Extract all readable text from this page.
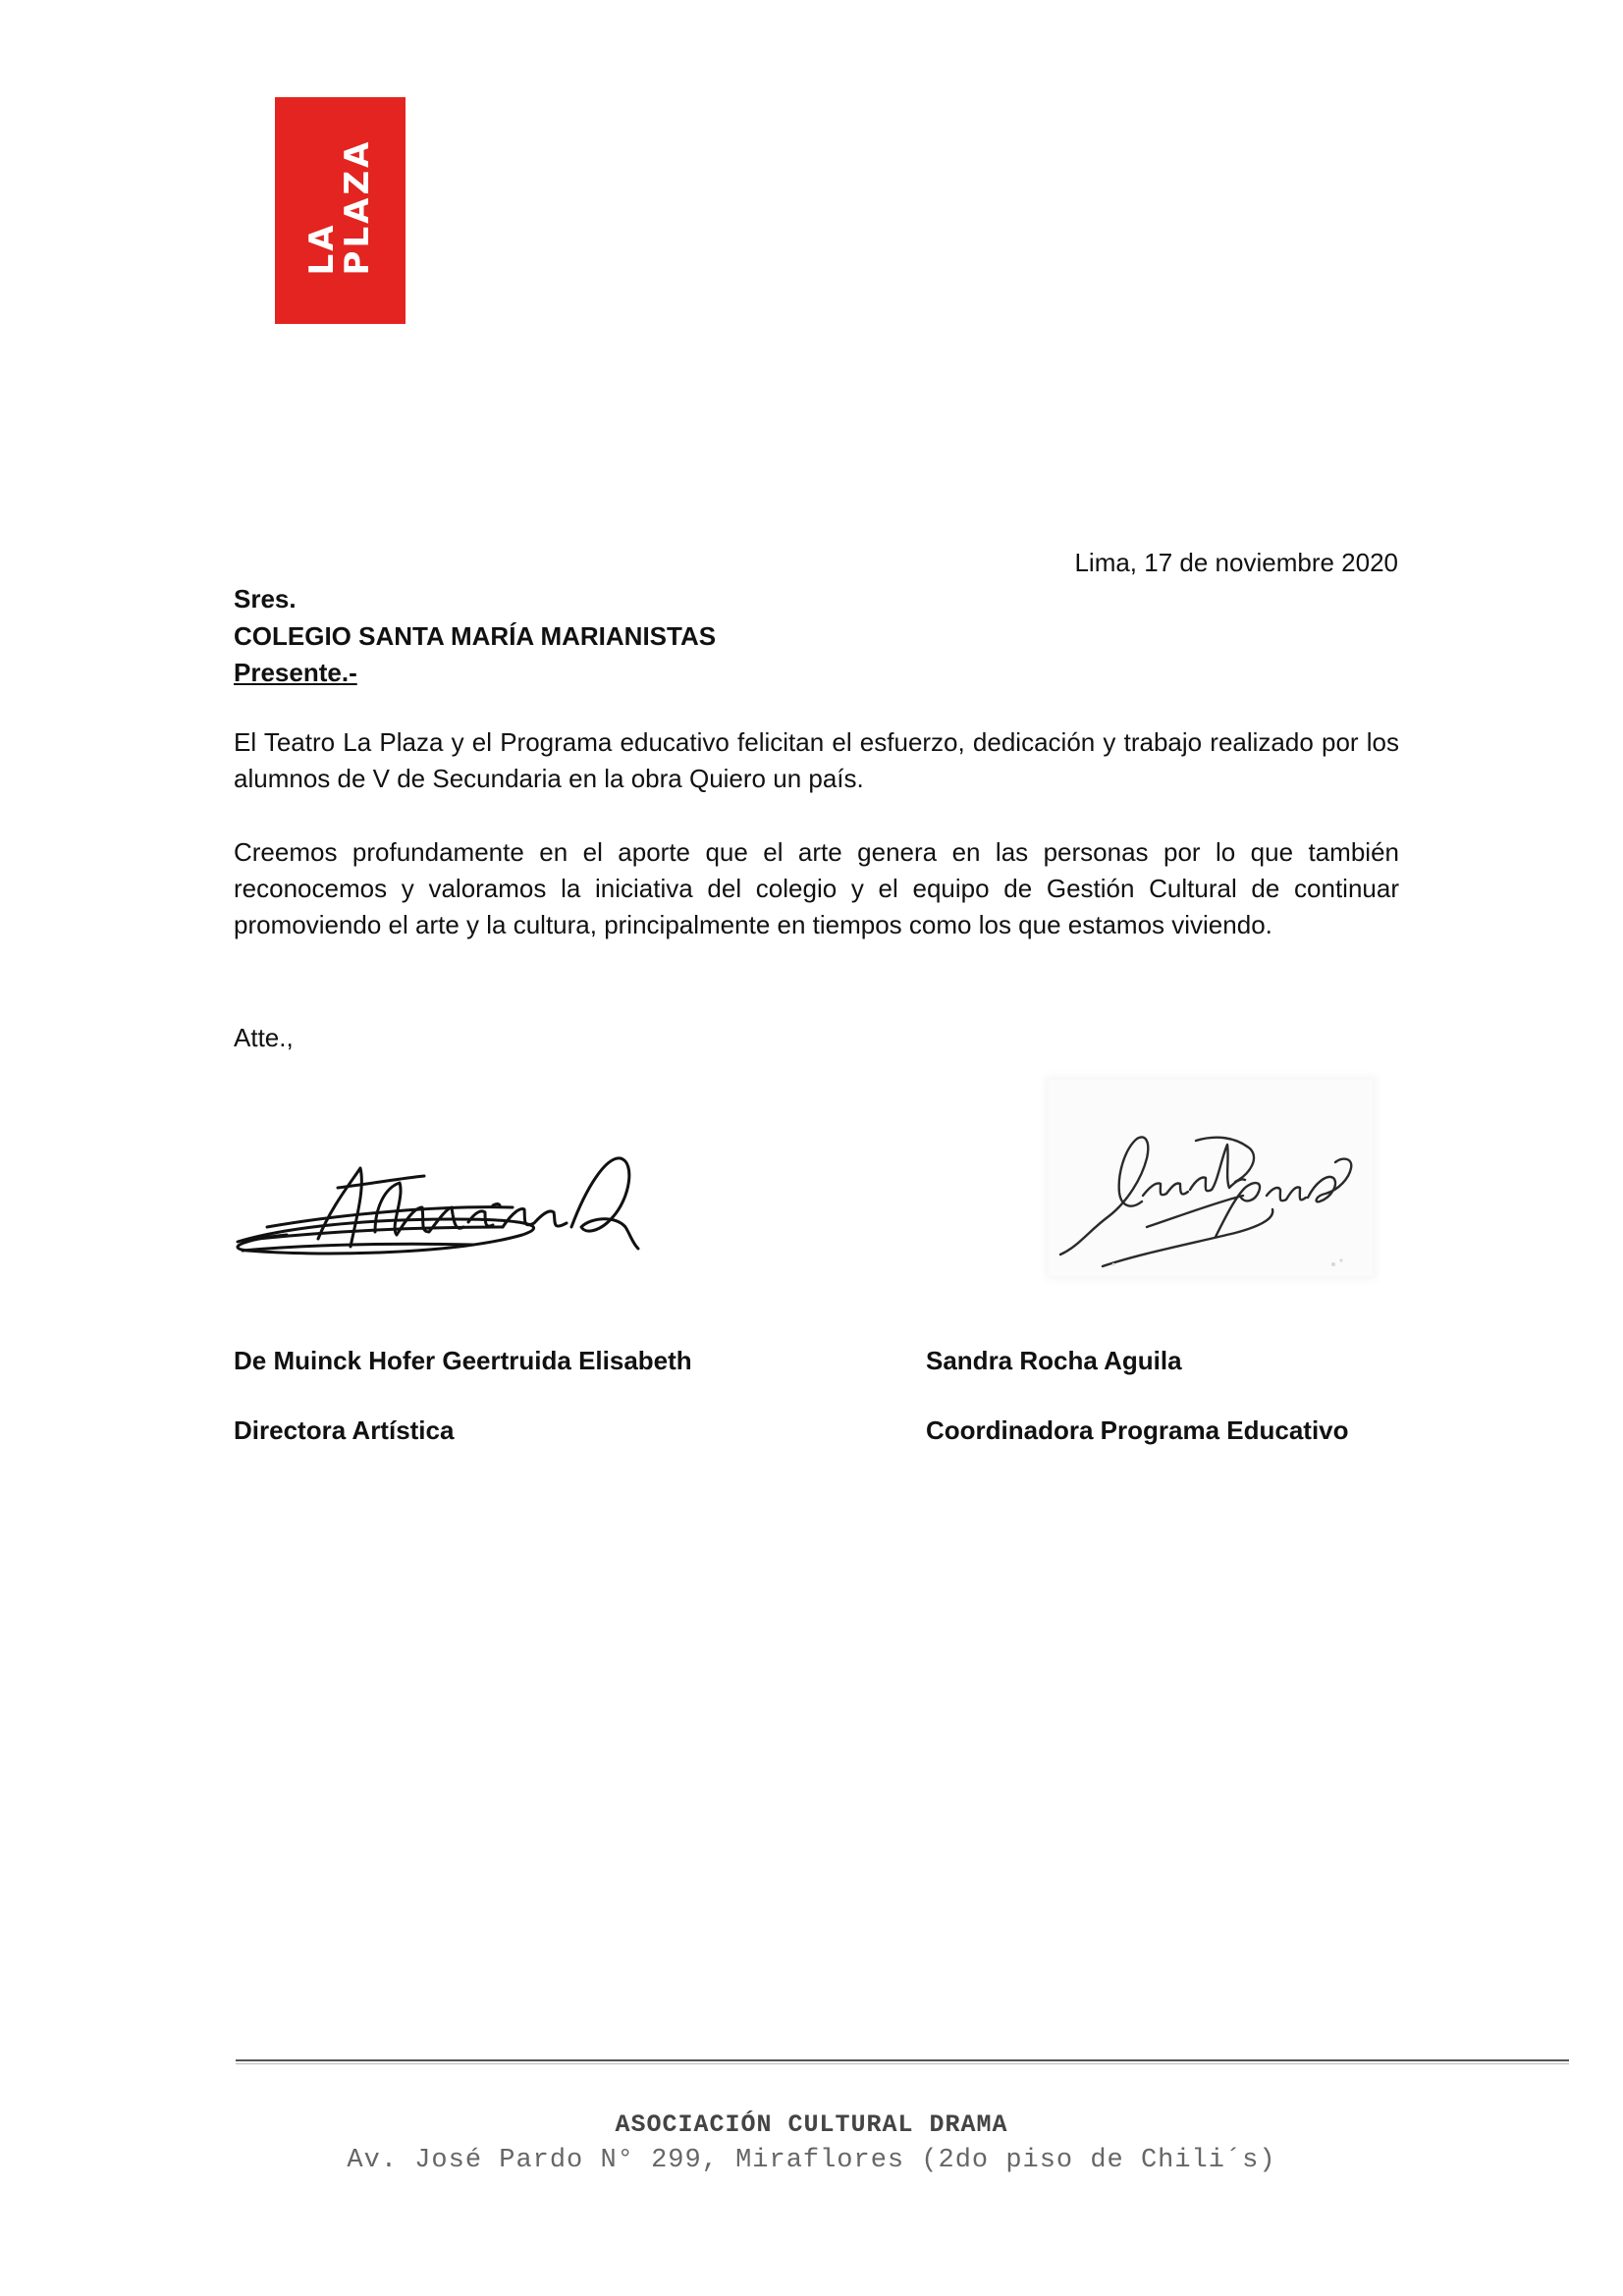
LA
PLAZA
Lima, 17 de noviembre 2020
Sres.
COLEGIO SANTA MARÍA MARIANISTAS
Presente.-
El Teatro La Plaza y el Programa educativo felicitan el esfuerzo, dedicación y trabajo realizado por los alumnos de V de Secundaria en la obra Quiero un país.
Creemos profundamente en el aporte que el arte genera en las personas por lo que también reconocemos y valoramos la iniciativa del colegio y el equipo de Gestión Cultural de continuar promoviendo el arte y la cultura, principalmente en tiempos como los que estamos viviendo.
Atte.,
De Muinck Hofer Geertruida Elisabeth
Directora Artística
Sandra Rocha Aguila
Coordinadora Programa Educativo
ASOCIACIÓN CULTURAL DRAMA
Av. José Pardo N° 299, Miraflores (2do piso de Chili´s)
